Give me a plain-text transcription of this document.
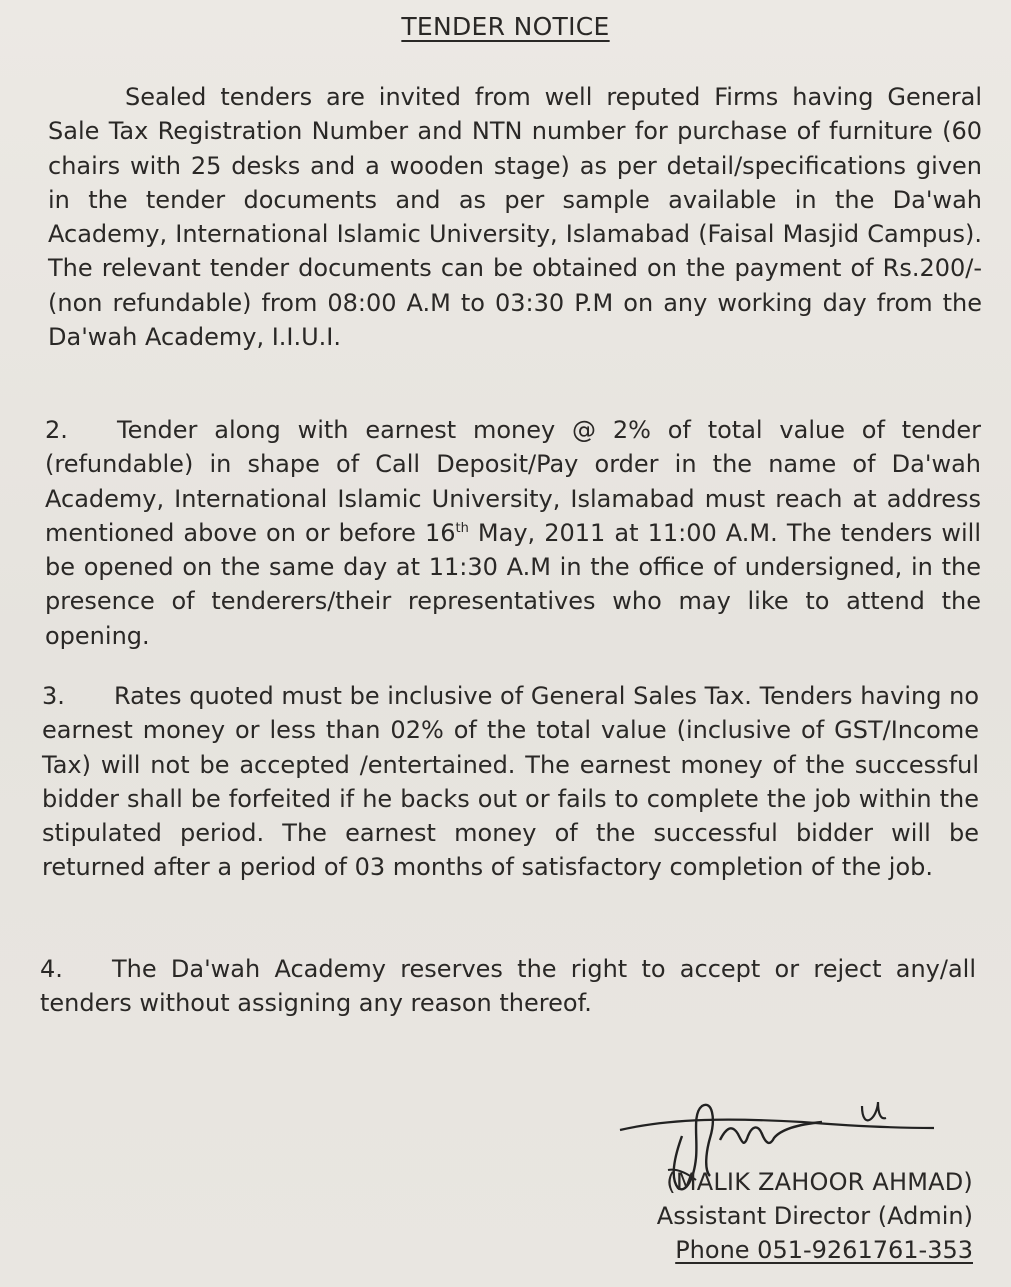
TENDER NOTICE

Sealed tenders are invited from well reputed Firms having General Sale Tax Registration Number and NTN number for purchase of furniture (60 chairs with 25 desks and a wooden stage) as per detail/specifications given in the tender documents and as per sample available in the Da'wah Academy, International Islamic University, Islamabad (Faisal Masjid Campus). The relevant tender documents can be obtained on the payment of Rs.200/- (non refundable) from 08:00 A.M to 03:30 P.M on any working day from the Da'wah Academy, I.I.U.I.

2. Tender along with earnest money @ 2% of total value of tender (refundable) in shape of Call Deposit/Pay order in the name of Da'wah Academy, International Islamic University, Islamabad must reach at address mentioned above on or before 16th May, 2011 at 11:00 A.M. The tenders will be opened on the same day at 11:30 A.M in the office of undersigned, in the presence of tenderers/their representatives who may like to attend the opening.

3. Rates quoted must be inclusive of General Sales Tax. Tenders having no earnest money or less than 02% of the total value (inclusive of GST/Income Tax) will not be accepted /entertained. The earnest money of the successful bidder shall be forfeited if he backs out or fails to complete the job within the stipulated period. The earnest money of the successful bidder will be returned after a period of 03 months of satisfactory completion of the job.

4. The Da'wah Academy reserves the right to accept or reject any/all tenders without assigning any reason thereof.

(MALIK ZAHOOR AHMAD)
Assistant Director (Admin)
Phone 051-9261761-353
